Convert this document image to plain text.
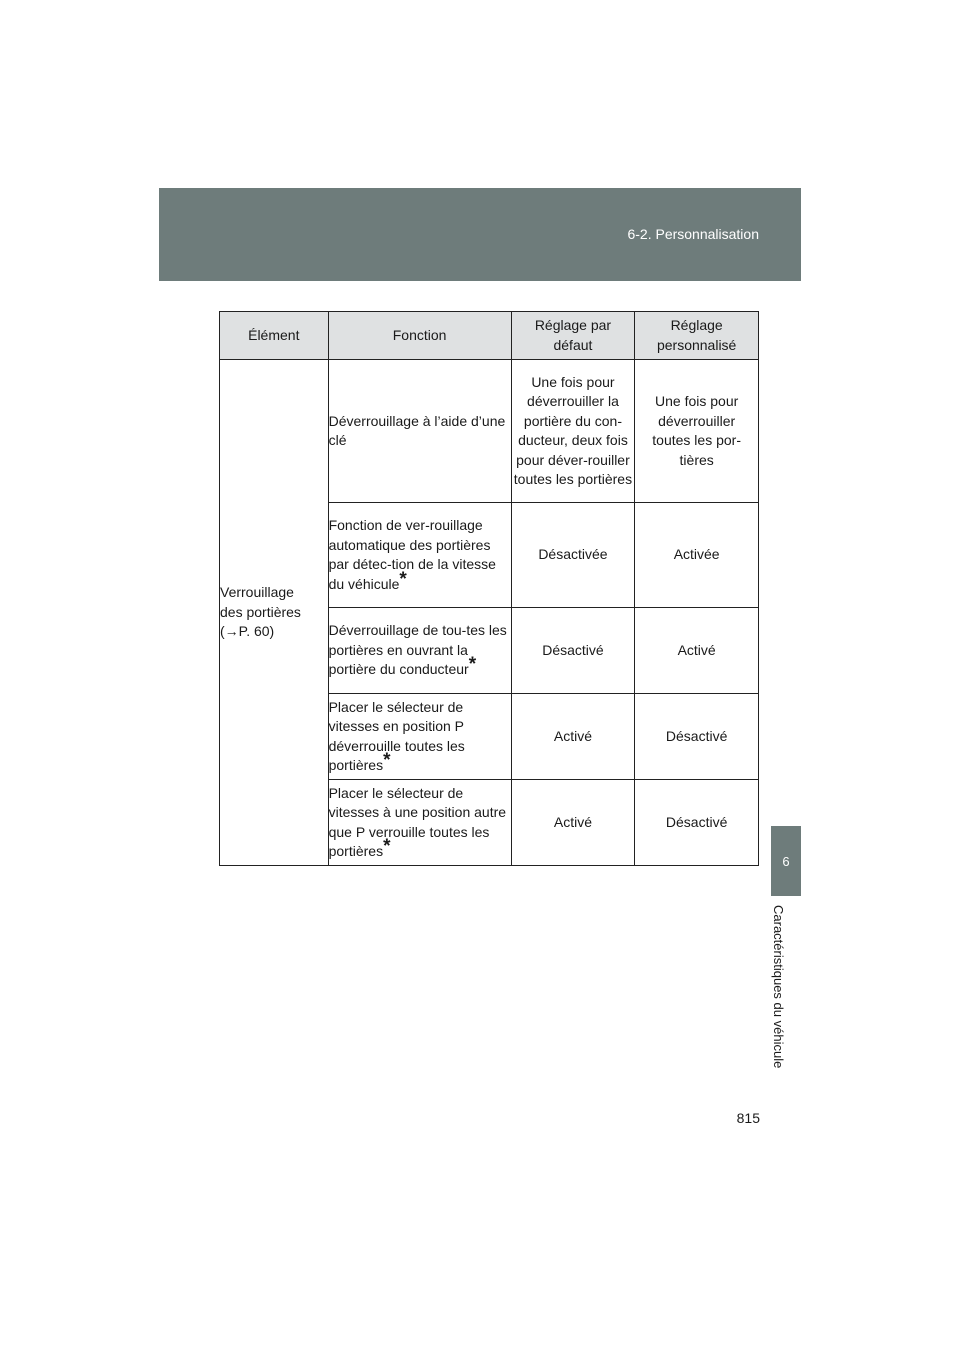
6-2. Personnalisation
Élément	Fonction	Réglage par défaut	Réglage personnalisé

Verrouillage
des portières
(→P. 60)	Déverrouillage à l’aide d’une clé	Une fois pour déverrouiller la portière du con-ducteur, deux fois pour déver-rouiller toutes les portières	Une fois pour déverrouiller toutes les por-tières
	Fonction de ver-rouillage automatique des portières par détec-tion de la vitesse du véhicule*	Désactivée	Activée
	Déverrouillage de tou-tes les portières en ouvrant la portière du conducteur*	Désactivé	Activé
	Placer le sélecteur de vitesses en position P déverrouille toutes les portières*	Activé	Désactivé
	Placer le sélecteur de vitesses à une position autre que P verrouille toutes les portières*	Activé	Désactivé
6
Caractéristiques du véhicule
815
